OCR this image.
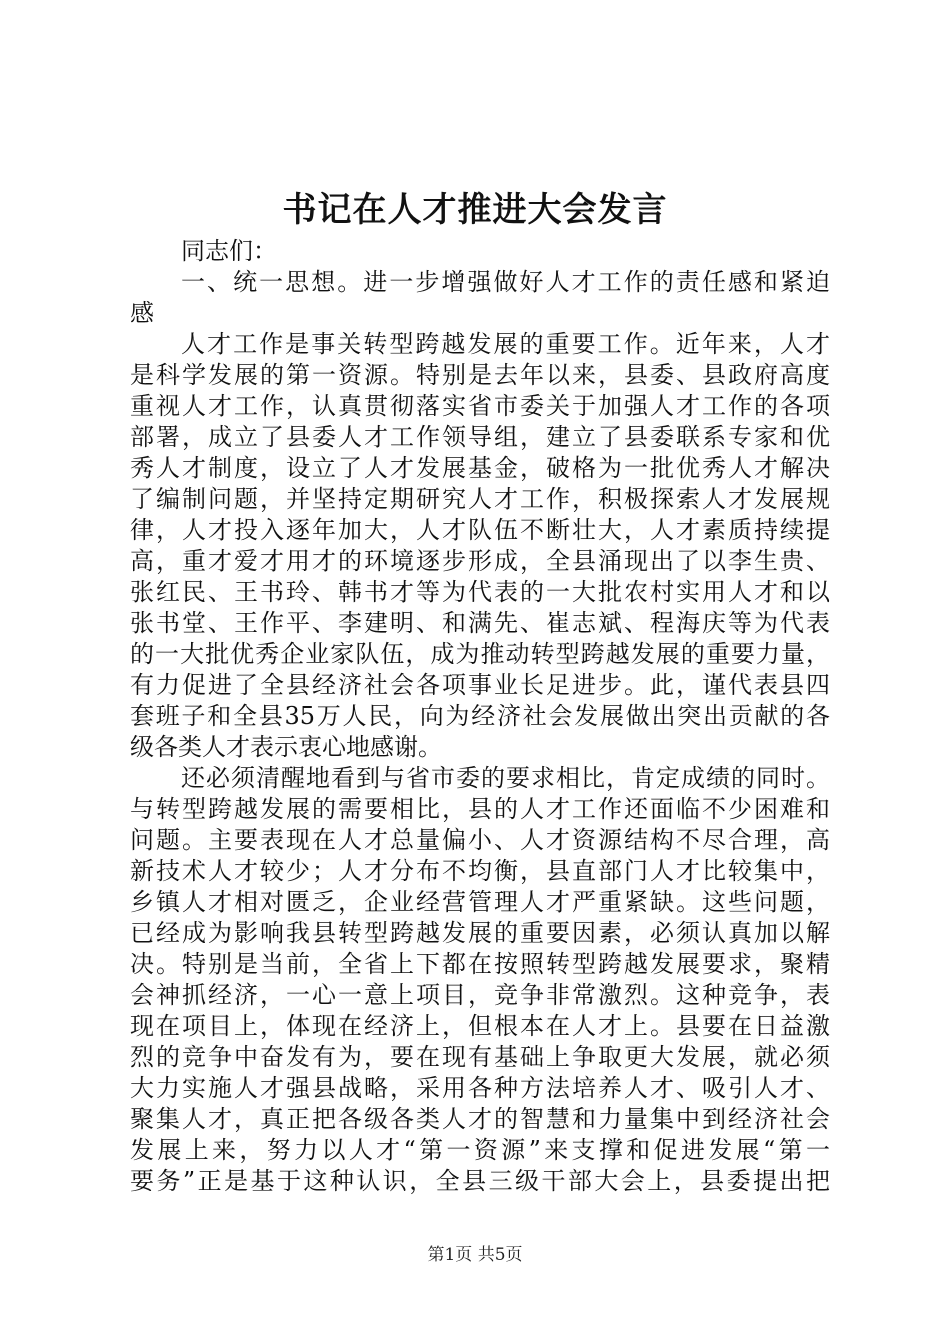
书记在人才推进大会发言
同志们：
一、统一思想。进一步增强做好人才工作的责任感和紧迫
感
人才工作是事关转型跨越发展的重要工作。近年来，人才
是科学发展的第一资源。特别是去年以来，县委、县政府高度
重视人才工作，认真贯彻落实省市委关于加强人才工作的各项
部署，成立了县委人才工作领导组，建立了县委联系专家和优
秀人才制度，设立了人才发展基金，破格为一批优秀人才解决
了编制问题，并坚持定期研究人才工作，积极探索人才发展规
律，人才投入逐年加大，人才队伍不断壮大，人才素质持续提
高，重才爱才用才的环境逐步形成，全县涌现出了以李生贵、
张红民、王书玲、韩书才等为代表的一大批农村实用人才和以
张书堂、王作平、李建明、和满先、崔志斌、程海庆等为代表
的一大批优秀企业家队伍，成为推动转型跨越发展的重要力量，
有力促进了全县经济社会各项事业长足进步。此，谨代表县四
套班子和全县35万人民，向为经济社会发展做出突出贡献的各
级各类人才表示衷心地感谢。
还必须清醒地看到与省市委的要求相比，肯定成绩的同时。
与转型跨越发展的需要相比，县的人才工作还面临不少困难和
问题。主要表现在人才总量偏小、人才资源结构不尽合理，高
新技术人才较少；人才分布不均衡，县直部门人才比较集中，
乡镇人才相对匮乏，企业经营管理人才严重紧缺。这些问题，
已经成为影响我县转型跨越发展的重要因素，必须认真加以解
决。特别是当前，全省上下都在按照转型跨越发展要求，聚精
会神抓经济，一心一意上项目，竞争非常激烈。这种竞争，表
现在项目上，体现在经济上，但根本在人才上。县要在日益激
烈的竞争中奋发有为，要在现有基础上争取更大发展，就必须
大力实施人才强县战略，采用各种方法培养人才、吸引人才、
聚集人才，真正把各级各类人才的智慧和力量集中到经济社会
发展上来，努力以人才“第一资源”来支撑和促进发展“第一
要务”正是基于这种认识，全县三级干部大会上，县委提出把
第1页 共5页
